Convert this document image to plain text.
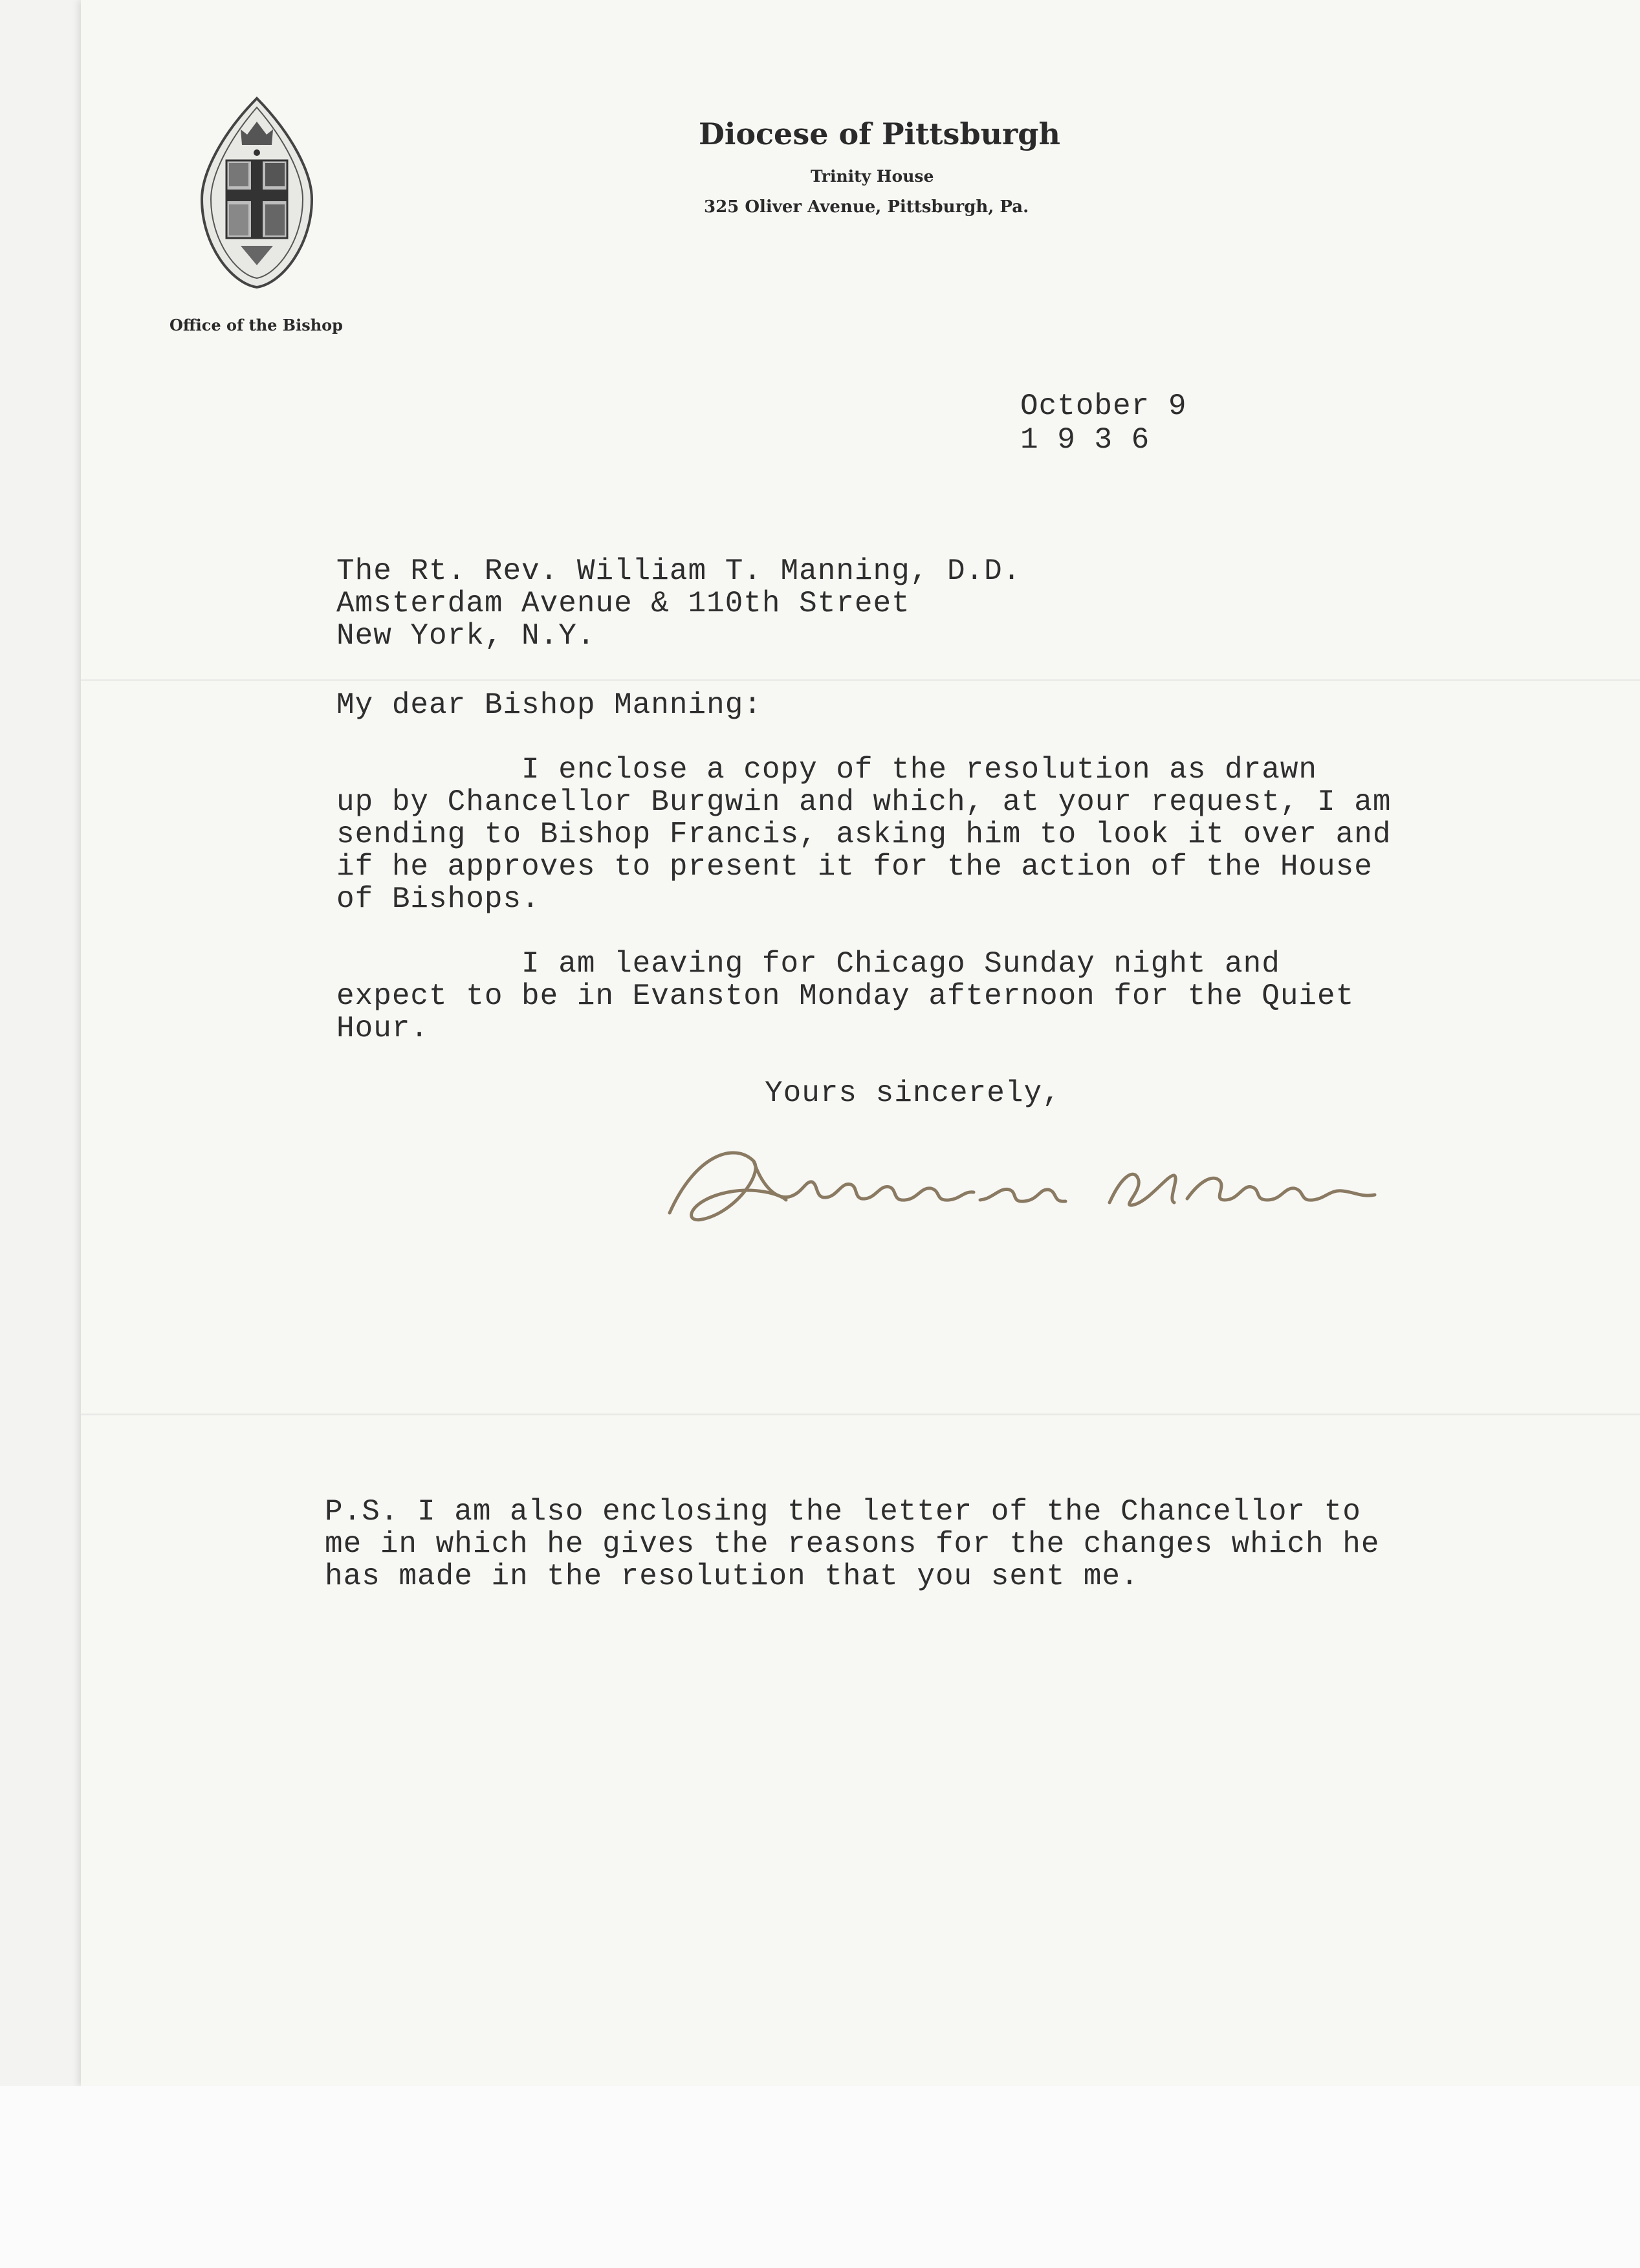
Office of the Bishop
Diocese of Pittsburgh
Trinity House
325 Oliver Avenue, Pittsburgh, Pa.
October 9
1 9 3 6
The Rt. Rev. William T. Manning, D.D.
Amsterdam Avenue & 110th Street
New York, N.Y.
My dear Bishop Manning:
I enclose a copy of the resolution as drawn
up by Chancellor Burgwin and which, at your request, I am
sending to Bishop Francis, asking him to look it over and
if he approves to present it for the action of the House
of Bishops.
I am leaving for Chicago Sunday night and
expect to be in Evanston Monday afternoon for the Quiet
Hour.
Yours sincerely,
P.S. I am also enclosing the letter of the Chancellor to
me in which he gives the reasons for the changes which he
has made in the resolution that you sent me.
